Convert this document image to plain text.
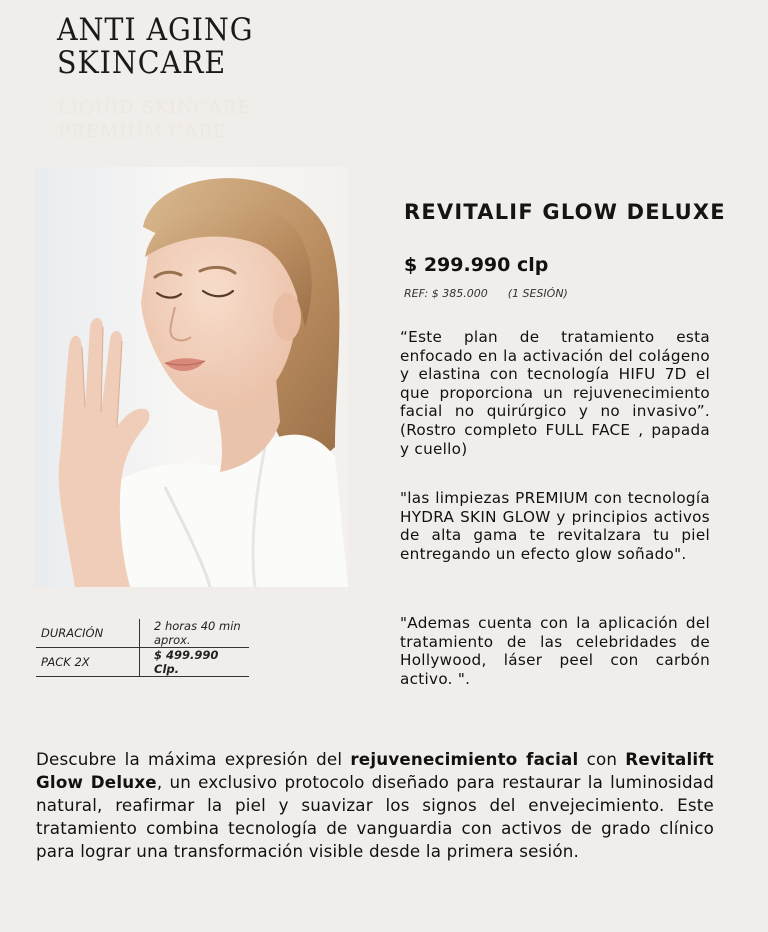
ANTI AGING
SKINCARE
LIQUID SKINCARE
PREMIUM CARE
REVITALIF GLOW DELUXE

$ 299.990 clp

REF: $ 385.000 (1 SESIÓN)

“Este plan de tratamiento esta enfocado en la activación del colágeno y elastina con tecnología HIFU 7D el que proporciona un rejuvenecimiento facial no quirúrgico y no invasivo”. (Rostro completo FULL FACE , papada y cuello)

"las limpiezas PREMIUM con tecnología HYDRA SKIN GLOW y principios activos de alta gama te revitalzara tu piel entregando un efecto glow soñado".

"Ademas cuenta con la aplicación del tratamiento de las celebridades de Hollywood, láser peel con carbón activo. ".

DURACIÓN	2 horas 40 min aprox.
PACK 2X	$ 499.990 Clp.

Descubre la máxima expresión del rejuvenecimiento facial con Revitalift Glow Deluxe, un exclusivo protocolo diseñado para restaurar la luminosidad natural, reafirmar la piel y suavizar los signos del envejecimiento. Este tratamiento combina tecnología de vanguardia con activos de grado clínico para lograr una transformación visible desde la primera sesión.
